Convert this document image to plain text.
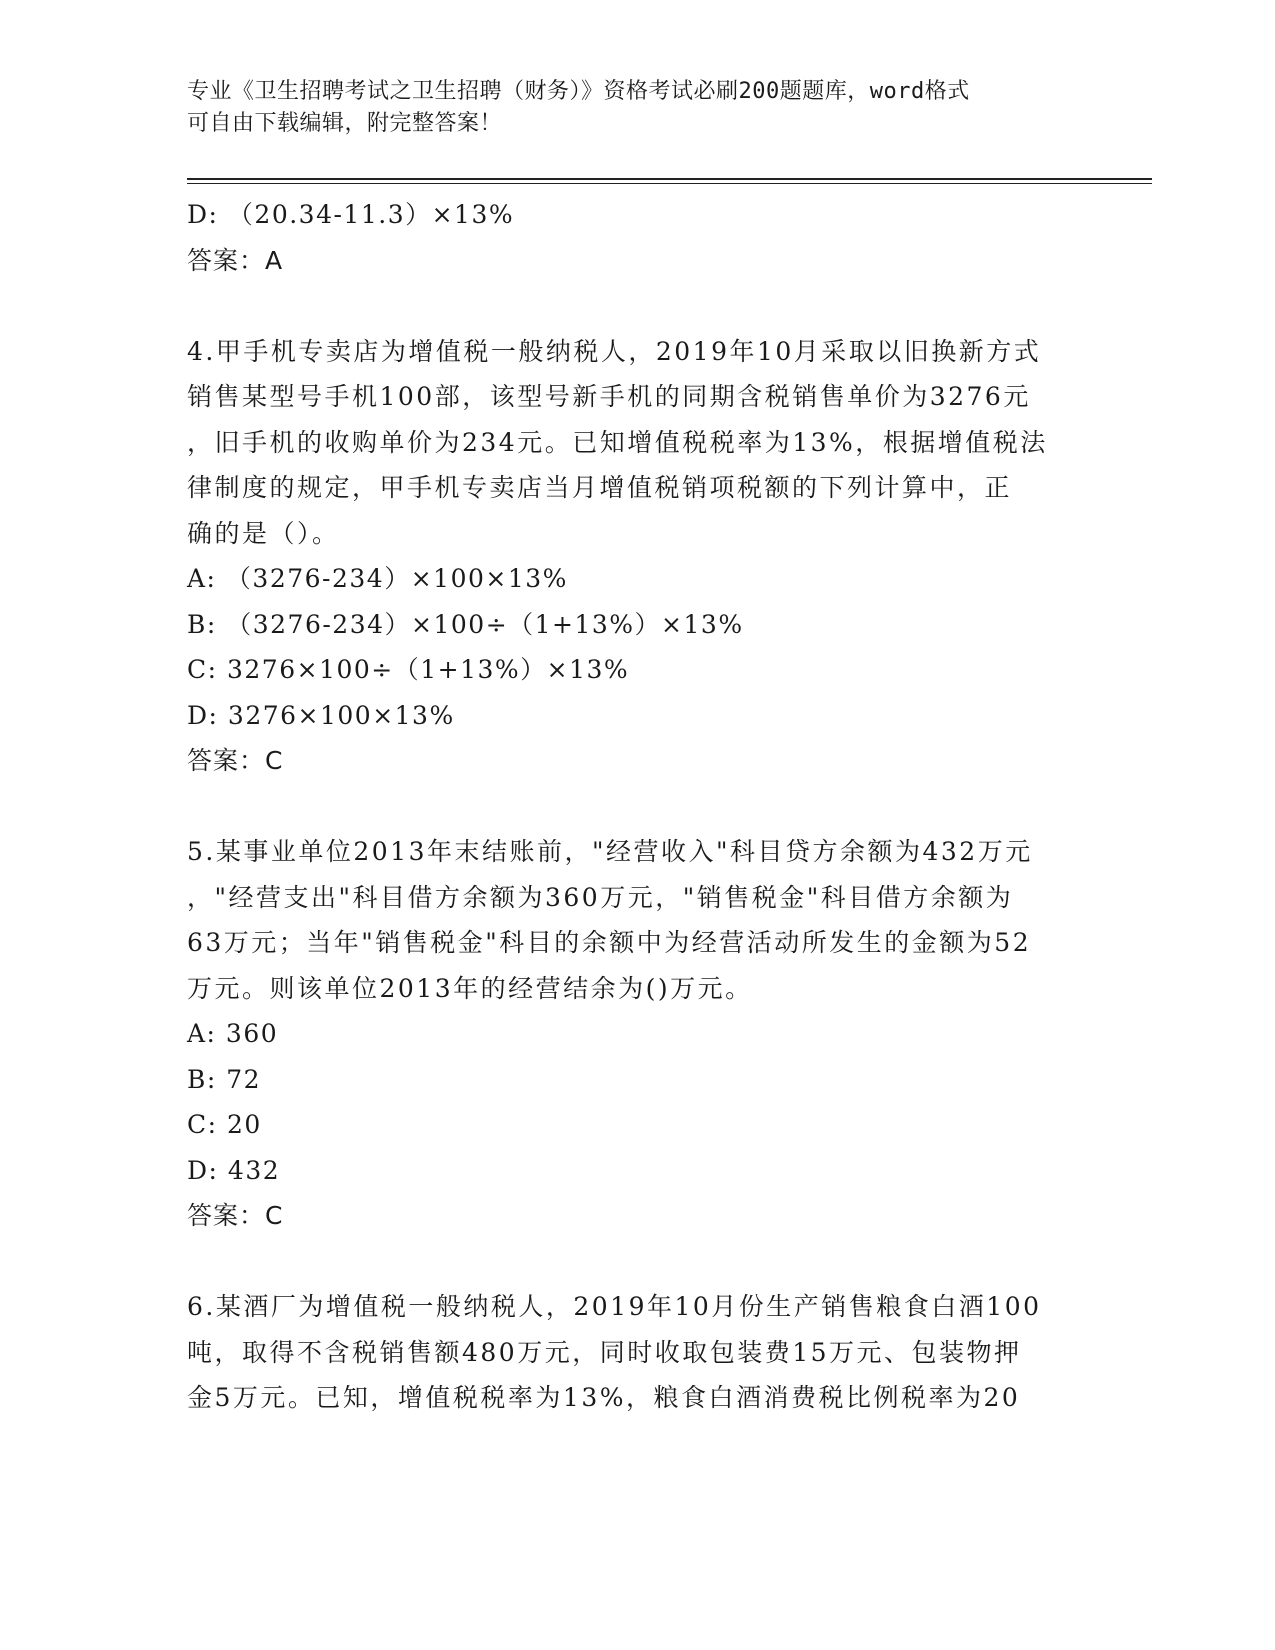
专业《卫生招聘考试之卫生招聘（财务）》资格考试必刷200题题库，word格式
可自由下载编辑，附完整答案！
D: （20.34-11.3）×13%
答案：A
4.甲手机专卖店为增值税一般纳税人，2019年10月采取以旧换新方式
销售某型号手机100部，该型号新手机的同期含税销售单价为3276元
，旧手机的收购单价为234元。已知增值税税率为13%，根据增值税法
律制度的规定，甲手机专卖店当月增值税销项税额的下列计算中，正
确的是（）。
A: （3276-234）×100×13%
B: （3276-234）×100÷（1+13%）×13%
C: 3276×100÷（1+13%）×13%
D: 3276×100×13%
答案：C
5.某事业单位2013年末结账前，"经营收入"科目贷方余额为432万元
，"经营支出"科目借方余额为360万元，"销售税金"科目借方余额为
63万元；当年"销售税金"科目的余额中为经营活动所发生的金额为52
万元。则该单位2013年的经营结余为()万元。
A: 360
B: 72
C: 20
D: 432
答案：C
6.某酒厂为增值税一般纳税人，2019年10月份生产销售粮食白酒100
吨，取得不含税销售额480万元，同时收取包装费15万元、包装物押
金5万元。已知，增值税税率为13%，粮食白酒消费税比例税率为20
